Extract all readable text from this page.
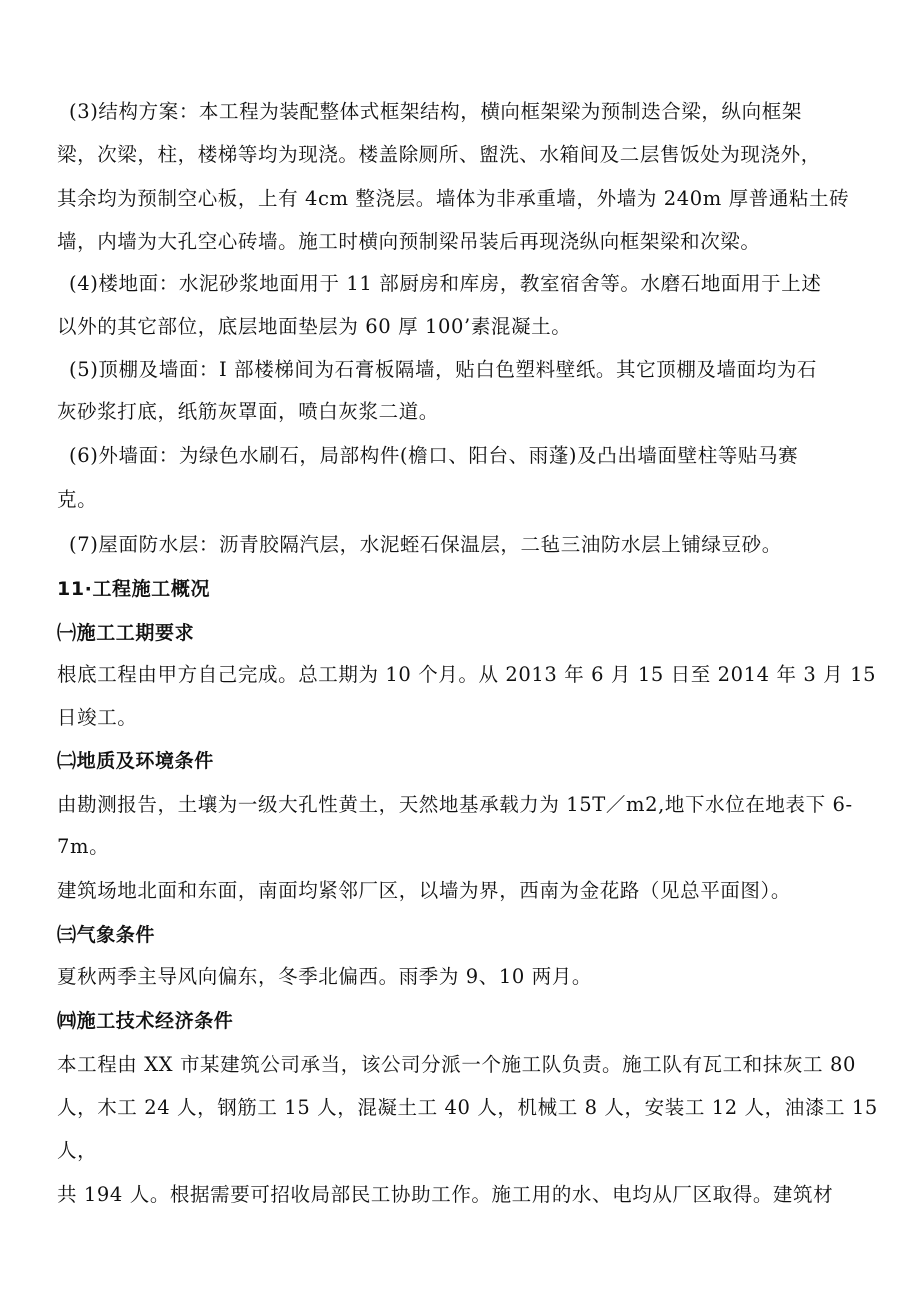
(3)结构方案：本工程为装配整体式框架结构，横向框架梁为预制迭合梁，纵向框架
梁，次梁，柱，楼梯等均为现浇。楼盖除厕所、盥洗、水箱间及二层售饭处为现浇外，
其余均为预制空心板，上有 4cm 整浇层。墙体为非承重墙，外墙为 240m 厚普通粘土砖
墙，内墙为大孔空心砖墙。施工时横向预制梁吊装后再现浇纵向框架梁和次梁。
(4)楼地面：水泥砂浆地面用于 11 部厨房和库房，教室宿舍等。水磨石地面用于上述
以外的其它部位，底层地面垫层为 60 厚 100’素混凝土。
(5)顶棚及墙面：I 部楼梯间为石膏板隔墙，贴白色塑料壁纸。其它顶棚及墙面均为石
灰砂浆打底，纸筋灰罩面，喷白灰浆二道。
(6)外墙面：为绿色水刷石，局部构件(檐口、阳台、雨蓬)及凸出墙面壁柱等贴马赛
克。
(7)屋面防水层：沥青胶隔汽层，水泥蛭石保温层，二毡三油防水层上铺绿豆砂。
11·工程施工概况
㈠施工工期要求
根底工程由甲方自己完成。总工期为 10 个月。从 2013 年 6 月 15 日至 2014 年 3 月 15
日竣工。
㈡地质及环境条件
由勘测报告，土壤为一级大孔性黄土，天然地基承载力为 15T／m2,地下水位在地表下 6-
7m。
建筑场地北面和东面，南面均紧邻厂区，以墙为界，西南为金花路（见总平面图）。
㈢气象条件
夏秋两季主导风向偏东，冬季北偏西。雨季为 9、10 两月。
㈣施工技术经济条件
本工程由 XX 市某建筑公司承当，该公司分派一个施工队负责。施工队有瓦工和抹灰工 80
人，木工 24 人，钢筋工 15 人，混凝土工 40 人，机械工 8 人，安装工 12 人，油漆工 15
人，
共 194 人。根据需要可招收局部民工协助工作。施工用的水、电均从厂区取得。建筑材
